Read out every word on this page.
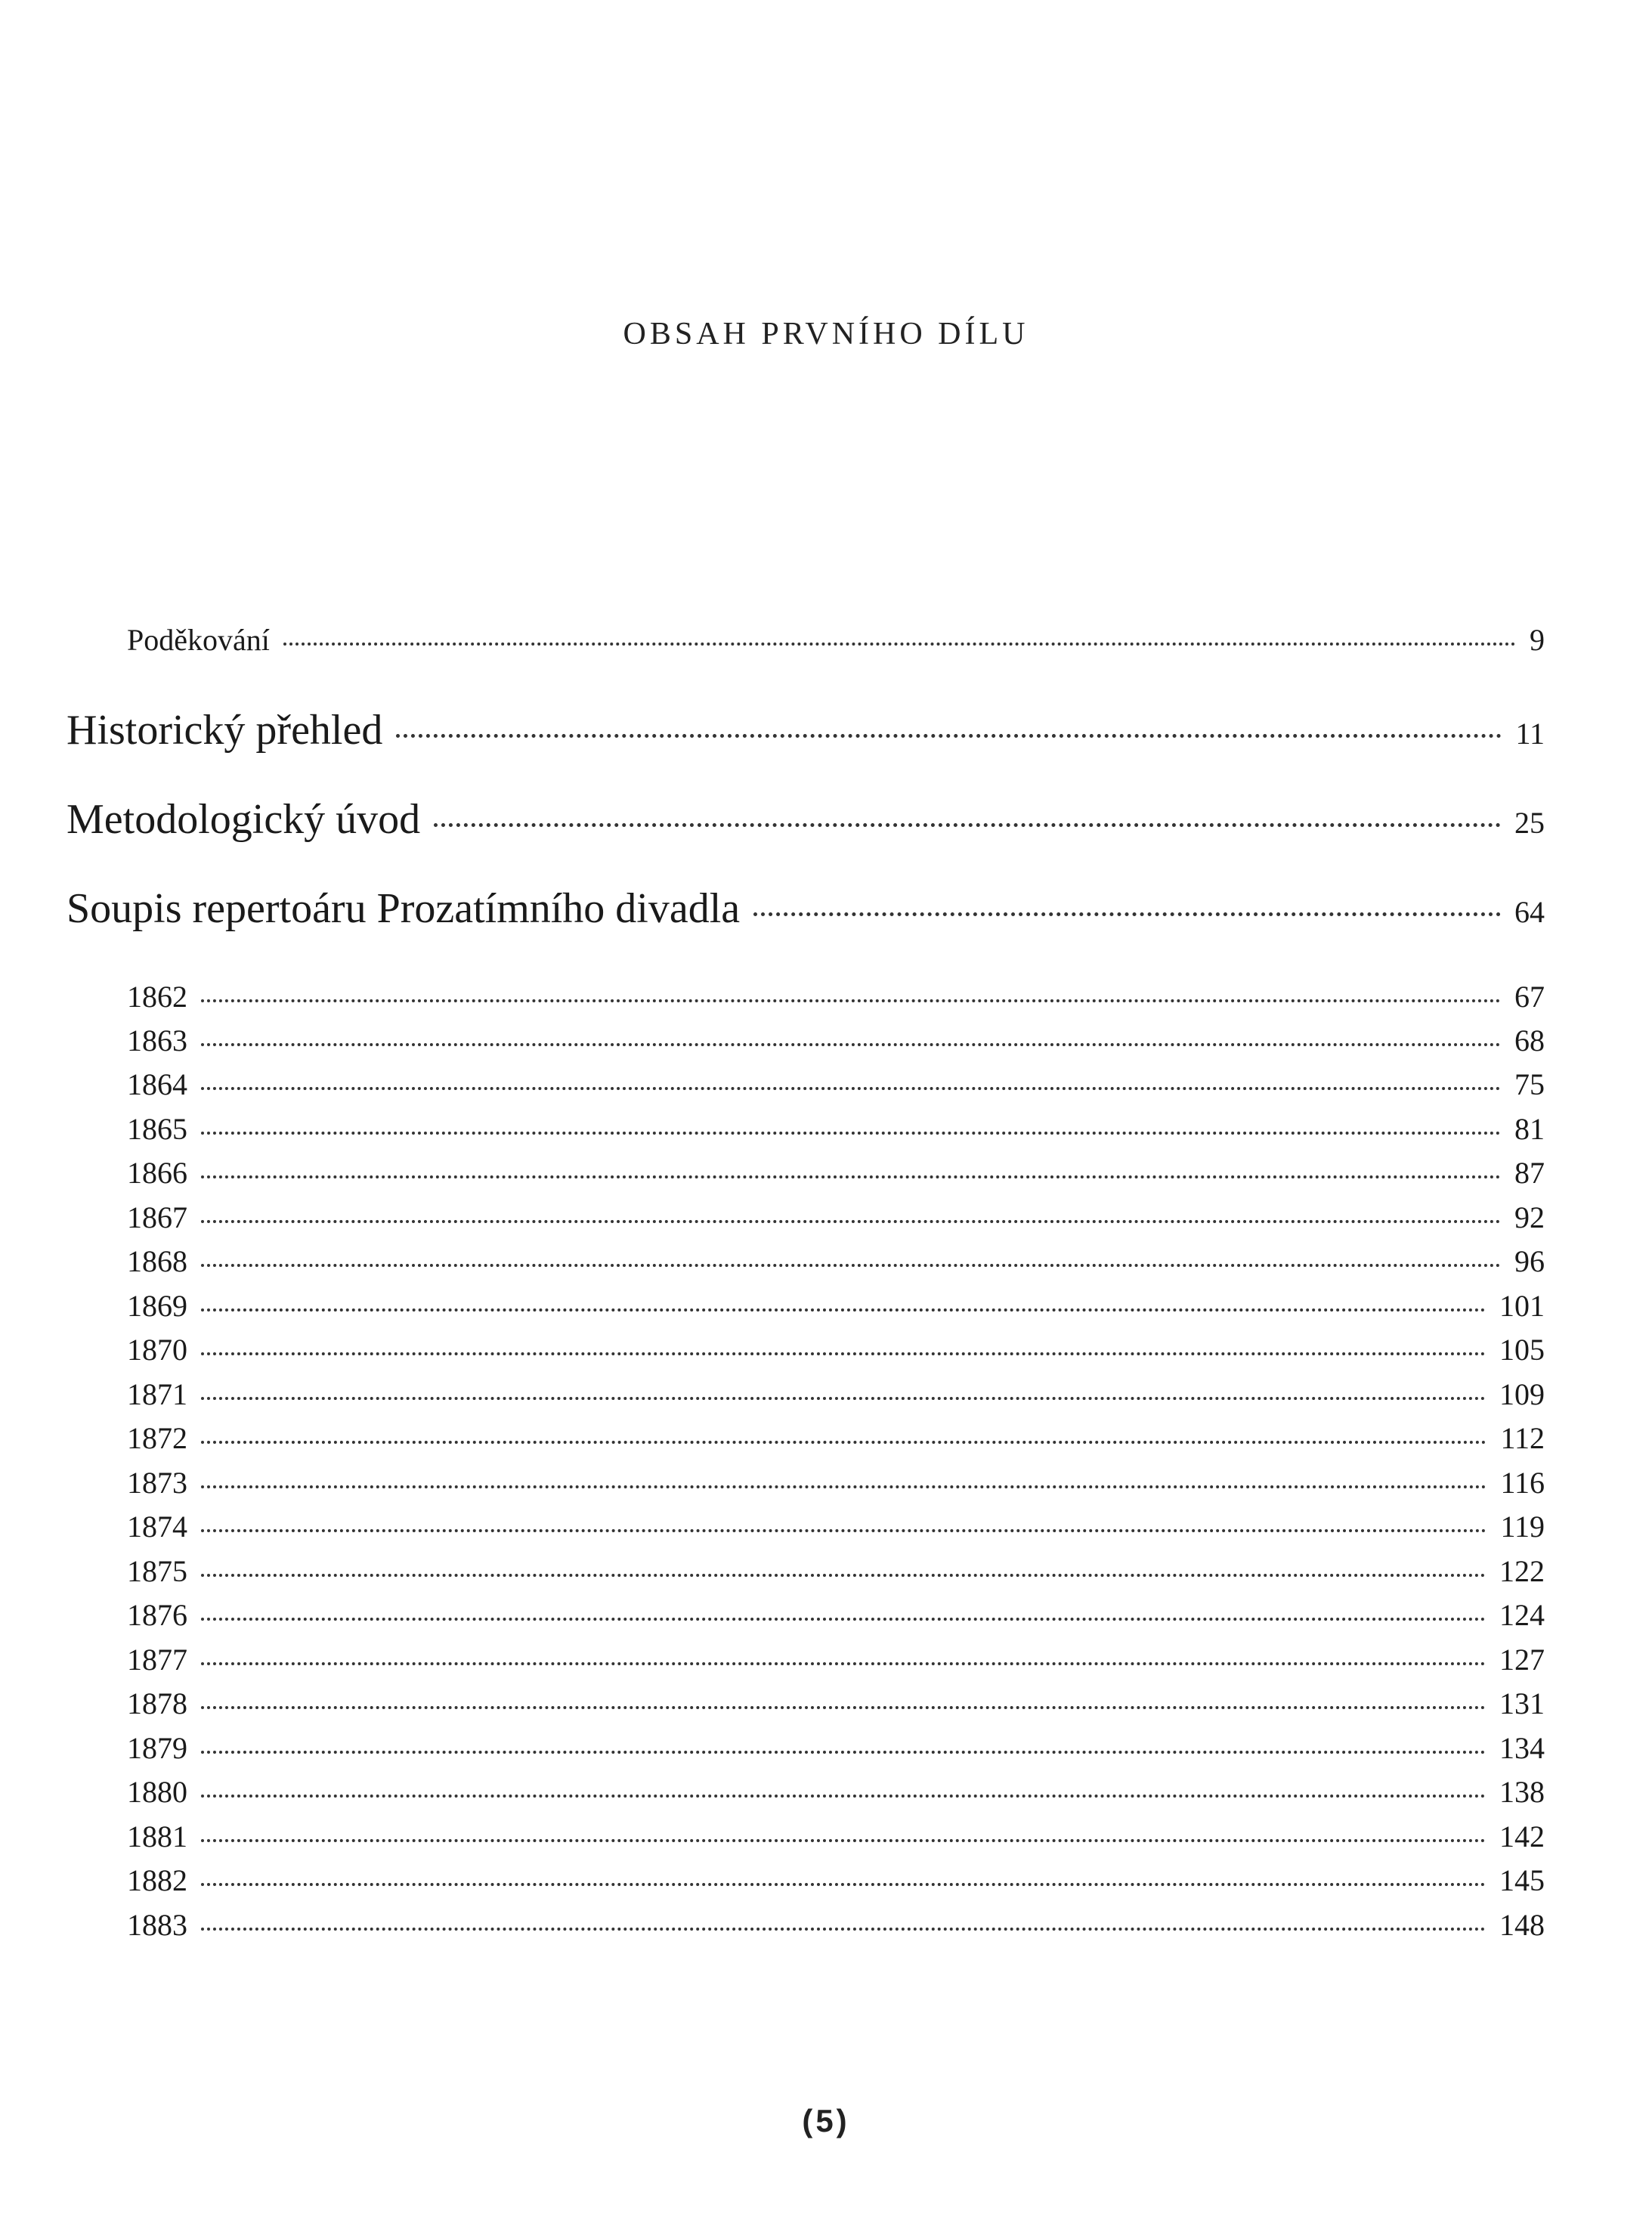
OBSAH PRVNÍHO DÍLU
Poděkování	9
Historický přehled	11
Metodologický úvod	25
Soupis repertoáru Prozatímního divadla	64
1862	67
1863	68
1864	75
1865	81
1866	87
1867	92
1868	96
1869	101
1870	105
1871	109
1872	112
1873	116
1874	119
1875	122
1876	124
1877	127
1878	131
1879	134
1880	138
1881	142
1882	145
1883	148
(5)
